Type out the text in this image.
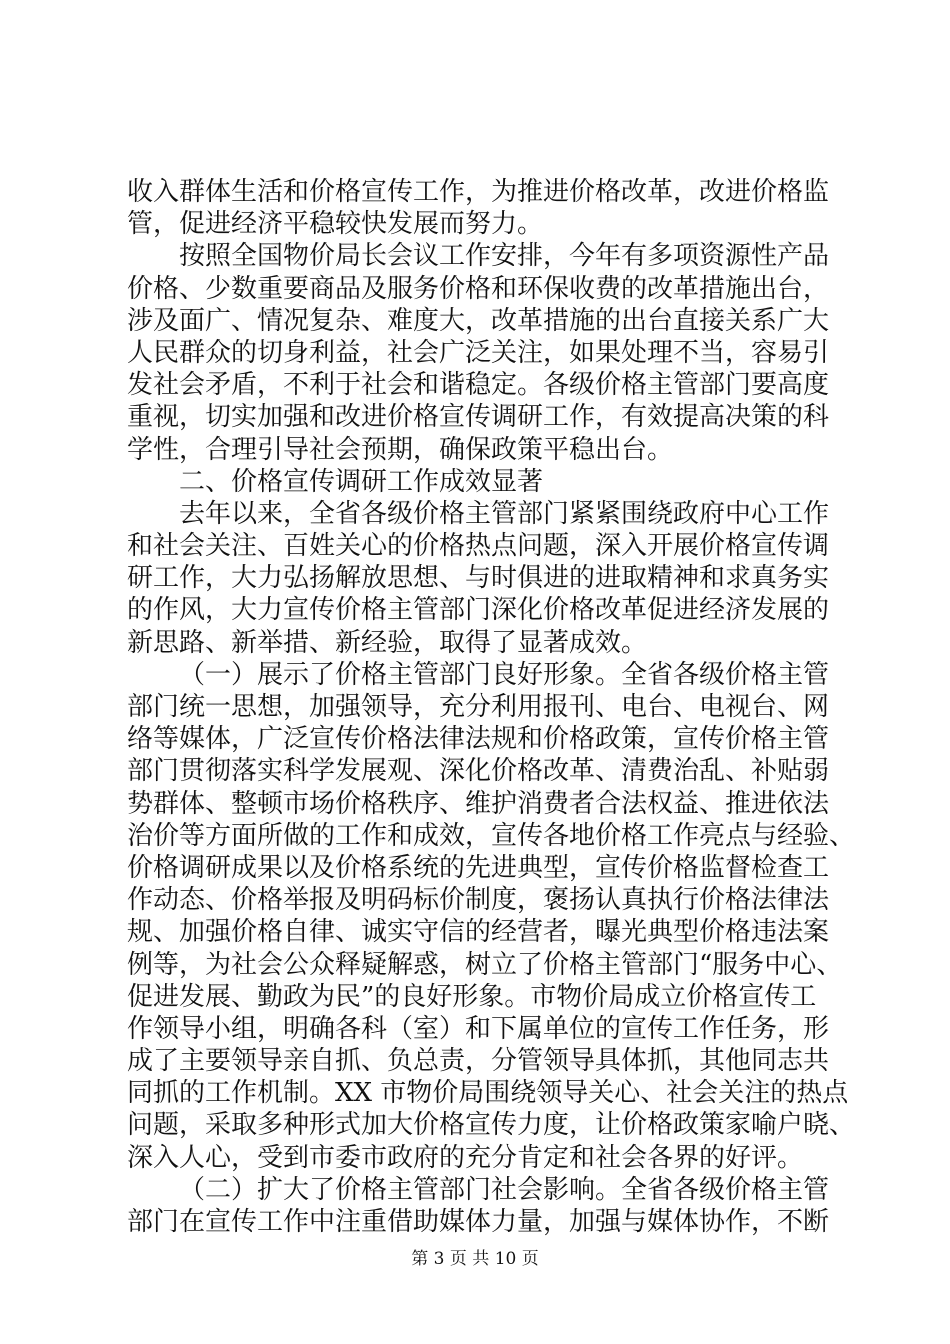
收入群体生活和价格宣传工作，为推进价格改革，改进价格监
管，促进经济平稳较快发展而努力。
按照全国物价局长会议工作安排，今年有多项资源性产品
价格、少数重要商品及服务价格和环保收费的改革措施出台，
涉及面广、情况复杂、难度大，改革措施的出台直接关系广大
人民群众的切身利益，社会广泛关注，如果处理不当，容易引
发社会矛盾，不利于社会和谐稳定。各级价格主管部门要高度
重视，切实加强和改进价格宣传调研工作，有效提高决策的科
学性，合理引导社会预期，确保政策平稳出台。
二、价格宣传调研工作成效显著
去年以来，全省各级价格主管部门紧紧围绕政府中心工作
和社会关注、百姓关心的价格热点问题，深入开展价格宣传调
研工作，大力弘扬解放思想、与时俱进的进取精神和求真务实
的作风，大力宣传价格主管部门深化价格改革促进经济发展的
新思路、新举措、新经验，取得了显著成效。
（一）展示了价格主管部门良好形象。全省各级价格主管
部门统一思想，加强领导，充分利用报刊、电台、电视台、网
络等媒体，广泛宣传价格法律法规和价格政策，宣传价格主管
部门贯彻落实科学发展观、深化价格改革、清费治乱、补贴弱
势群体、整顿市场价格秩序、维护消费者合法权益、推进依法
治价等方面所做的工作和成效，宣传各地价格工作亮点与经验、
价格调研成果以及价格系统的先进典型，宣传价格监督检查工
作动态、价格举报及明码标价制度，褒扬认真执行价格法律法
规、加强价格自律、诚实守信的经营者，曝光典型价格违法案
例等，为社会公众释疑解惑，树立了价格主管部门“服务中心、
促进发展、勤政为民”的良好形象。市物价局成立价格宣传工
作领导小组，明确各科（室）和下属单位的宣传工作任务，形
成了主要领导亲自抓、负总责，分管领导具体抓，其他同志共
同抓的工作机制。XX 市物价局围绕领导关心、社会关注的热点
问题，采取多种形式加大价格宣传力度，让价格政策家喻户晓、
深入人心，受到市委市政府的充分肯定和社会各界的好评。
（二）扩大了价格主管部门社会影响。全省各级价格主管
部门在宣传工作中注重借助媒体力量，加强与媒体协作，不断
第 3 页 共 10 页
